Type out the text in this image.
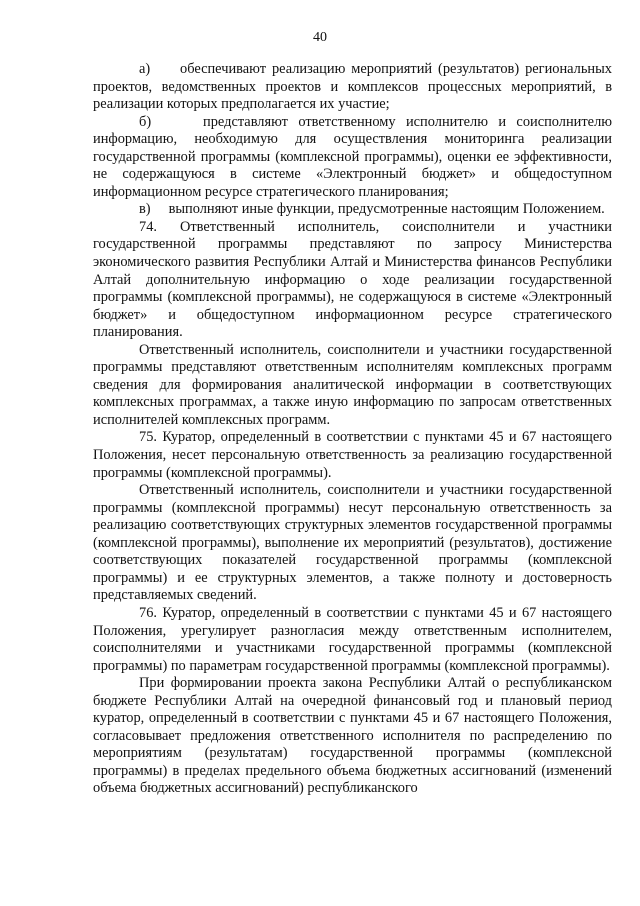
40

а)     обеспечивают реализацию мероприятий (результатов) региональных проектов, ведомственных проектов и комплексов процессных мероприятий, в реализации которых предполагается их участие;

б)     представляют ответственному исполнителю и соисполнителю информацию, необходимую для осуществления мониторинга реализации государственной программы (комплексной программы), оценки ее эффективности, не содержащуюся в системе «Электронный бюджет» и общедоступном информационном ресурсе стратегического планирования;

в)     выполняют иные функции, предусмотренные настоящим Положением.

74. Ответственный исполнитель, соисполнители и участники государственной программы представляют по запросу Министерства экономического развития Республики Алтай и Министерства финансов Республики Алтай дополнительную информацию о ходе реализации государственной программы (комплексной программы), не содержащуюся в системе «Электронный бюджет» и общедоступном информационном ресурсе стратегического планирования.

Ответственный исполнитель, соисполнители и участники государственной программы представляют ответственным исполнителям комплексных программ сведения для формирования аналитической информации в соответствующих комплексных программах, а также иную информацию по запросам ответственных исполнителей комплексных программ.

75. Куратор, определенный в соответствии с пунктами 45 и 67 настоящего Положения, несет персональную ответственность за реализацию государственной программы (комплексной программы).

Ответственный исполнитель, соисполнители и участники государственной программы (комплексной программы) несут персональную ответственность за реализацию соответствующих структурных элементов государственной программы (комплексной программы), выполнение их мероприятий (результатов), достижение соответствующих показателей государственной программы (комплексной программы) и ее структурных элементов, а также полноту и достоверность представляемых сведений.

76. Куратор, определенный в соответствии с пунктами 45 и 67 настоящего Положения, урегулирует разногласия между ответственным исполнителем, соисполнителями и участниками государственной программы (комплексной программы) по параметрам государственной программы (комплексной программы).

При формировании проекта закона Республики Алтай о республиканском бюджете Республики Алтай на очередной финансовый год и плановый период куратор, определенный в соответствии с пунктами 45 и 67 настоящего Положения, согласовывает предложения ответственного исполнителя по распределению по мероприятиям (результатам) государственной программы (комплексной программы) в пределах предельного объема бюджетных ассигнований (изменений объема бюджетных ассигнований) республиканского
